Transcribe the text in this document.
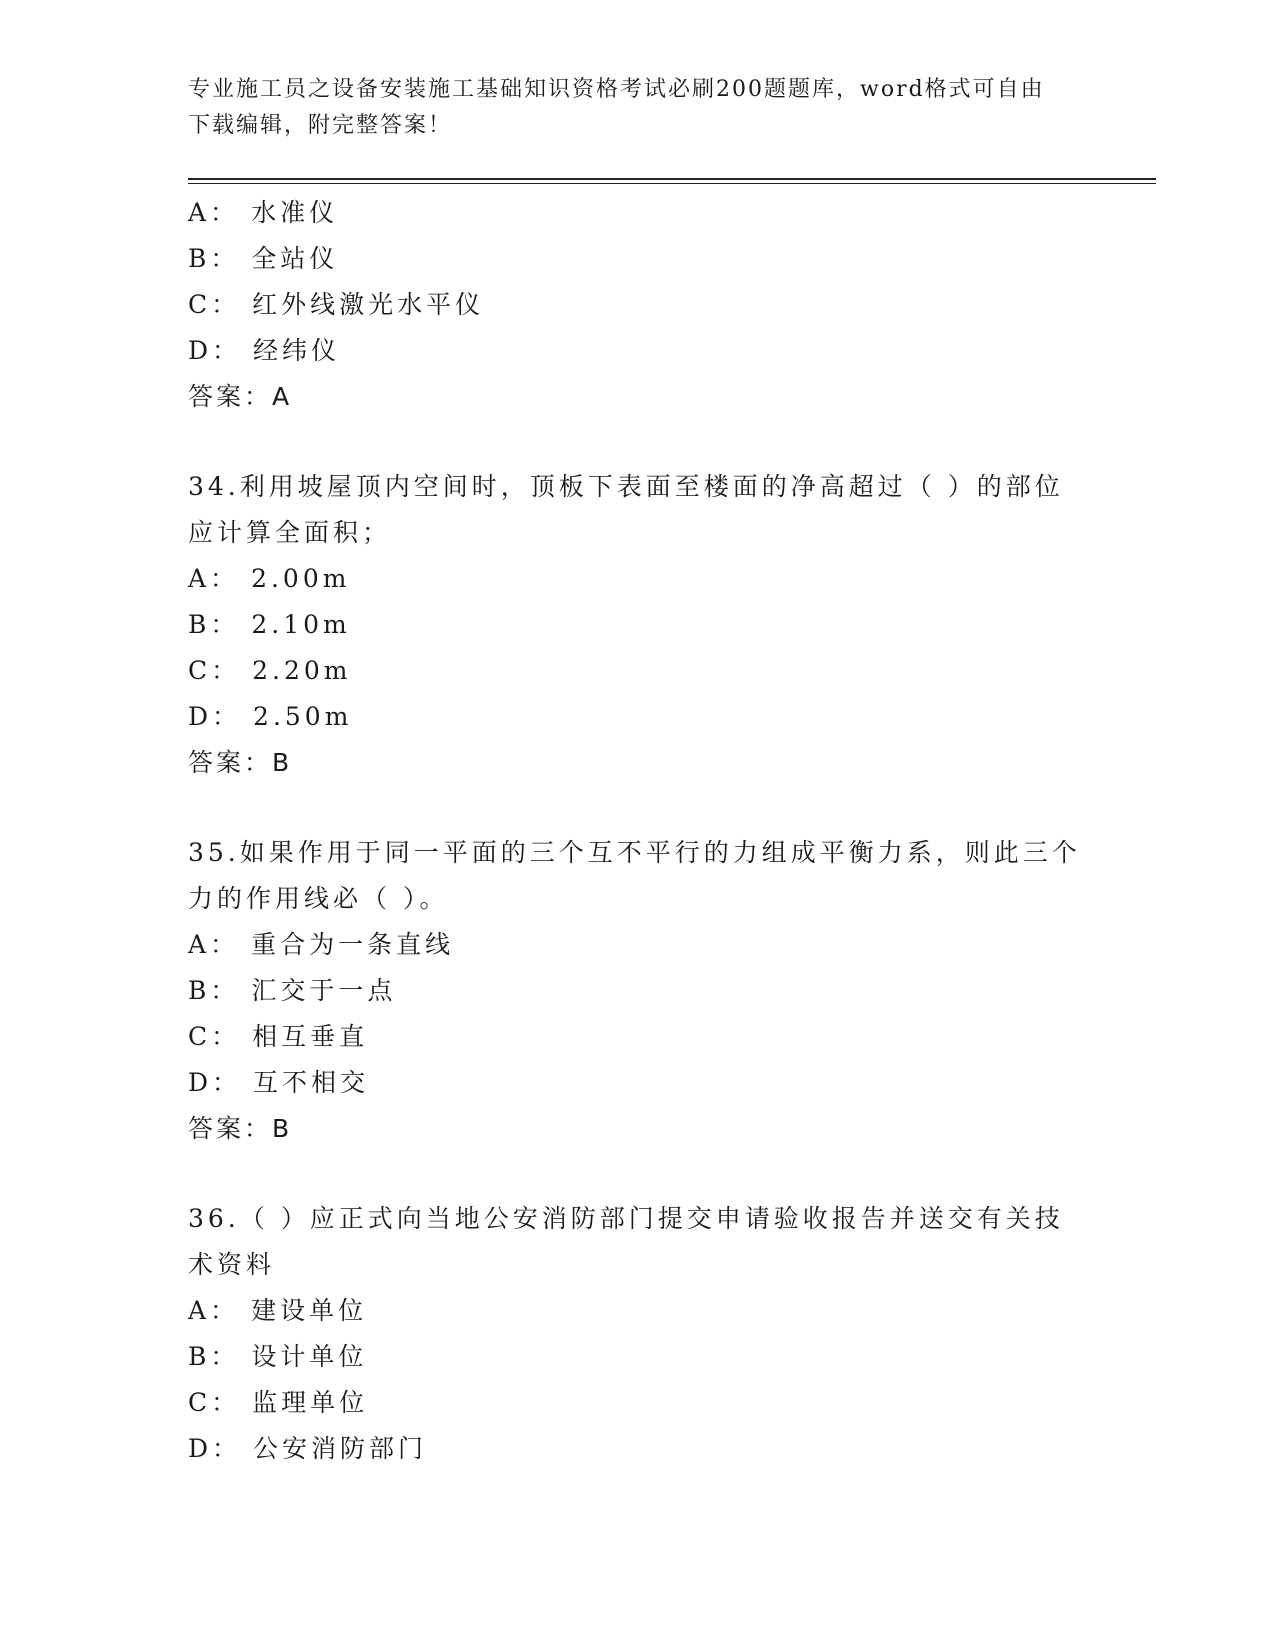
专业施工员之设备安装施工基础知识资格考试必刷200题题库，word格式可自由下载编辑，附完整答案！
A： 水准仪
B： 全站仪
C： 红外线激光水平仪
D： 经纬仪
答案：A
34.利用坡屋顶内空间时，顶板下表面至楼面的净高超过（ ）的部位应计算全面积；
A： 2.00m
B： 2.10m
C： 2.20m
D： 2.50m
答案：B
35.如果作用于同一平面的三个互不平行的力组成平衡力系，则此三个力的作用线必（ ）。
A： 重合为一条直线
B： 汇交于一点
C： 相互垂直
D： 互不相交
答案：B
36.（ ）应正式向当地公安消防部门提交申请验收报告并送交有关技术资料
A： 建设单位
B： 设计单位
C： 监理单位
D： 公安消防部门
